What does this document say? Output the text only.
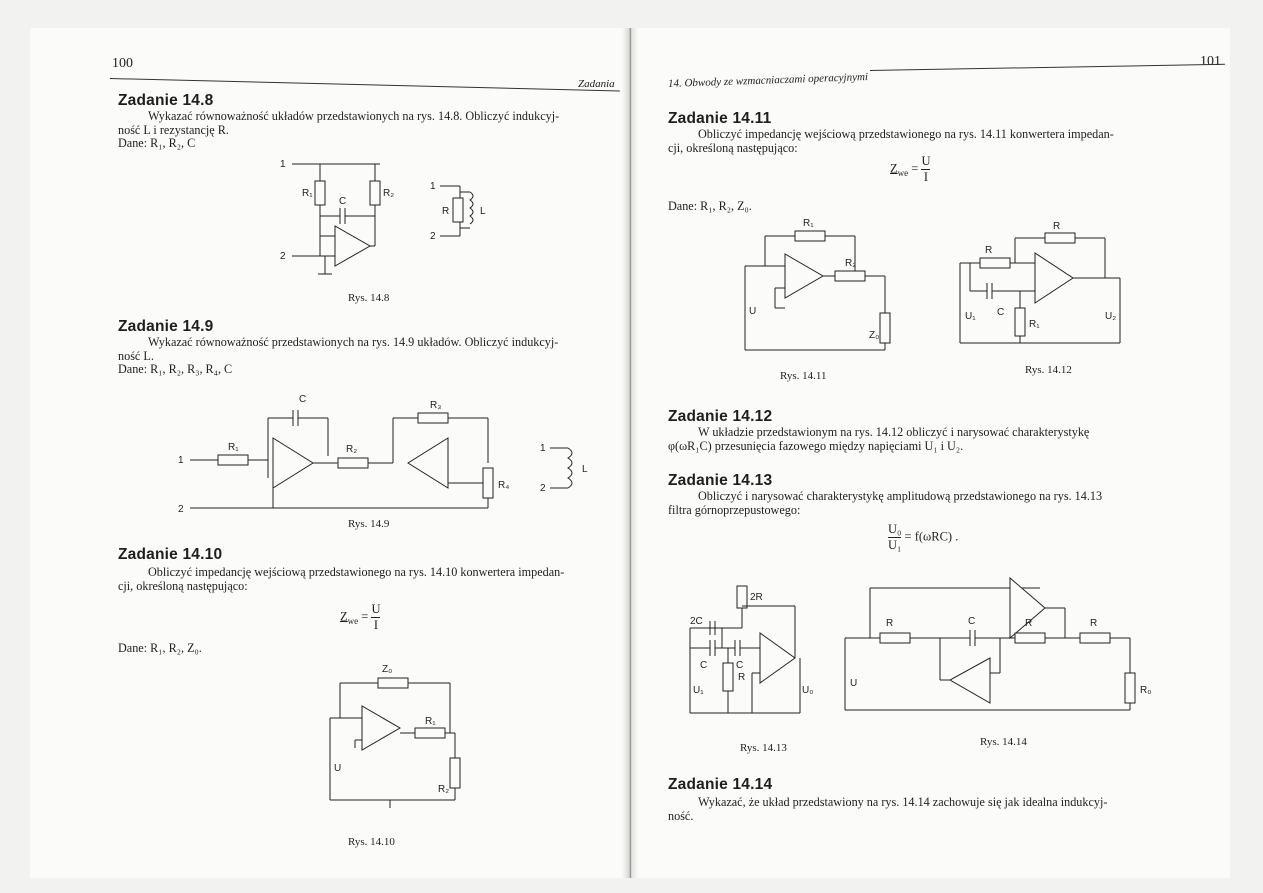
100
Zadania
Zadanie 14.8
Wykazać równoważność układów przedstawionych na rys. 14.8. Obliczyć indukcyj-
ność L i rezystancję R.
Dane: R₁, R₂, C
1
2
R₁
C
R₂
1
2
R	L
Rys. 14.8
Zadanie 14.9
Wykazać równoważność przedstawionych na rys. 14.9 układów. Obliczyć indukcyj-
ność L.
Dane: R₁, R₂, R₃, R₄, C
C
R₁	R₂
R₃
R₄
1
2
1
2
L
Rys. 14.9
Zadanie 14.10
Obliczyć impedancję wejściową przedstawionego na rys. 14.10 konwertera impedan-
cji, określoną następująco:
$Z_{we} = \frac{U}{I}$
Dane: R₁, R₂, Z₀.
Z₀
R₁
R₂
U
Rys. 14.10
14. Obwody ze wzmacniaczami operacyjnymi
101
Zadanie 14.11
Obliczyć impedancję wejściową przedstawionego na rys. 14.11 konwertera impedan-
cji, określoną następująco:
$Z_{we} = \frac{U}{I}$
Dane: R₁, R₂, Z₀.
R₁
R₂
U
Z₀
Rys. 14.11
R
R
C
R₁
U₁	U₂
Rys. 14.12
Zadanie 14.12
W układzie przedstawionym na rys. 14.12 obliczyć i narysować charakterystykę
φ(ωR₁C) przesunięcia fazowego między napięciami U₁ i U₂.
Zadanie 14.13
Obliczyć i narysować charakterystykę amplitudową przedstawionego na rys. 14.13
filtra górnoprzepustowego:
$\frac{\text{U₀}}{\text{U₁}} = f(\omega RC)$ .
2C
2R
C	C
R
U₁	U₀
Rys. 14.13
R	C	R	R
R₀
U
Rys. 14.14
Zadanie 14.14
Wykazać, że układ przedstawiony na rys. 14.14 zachowuje się jak idealna indukcyj-
ność.
